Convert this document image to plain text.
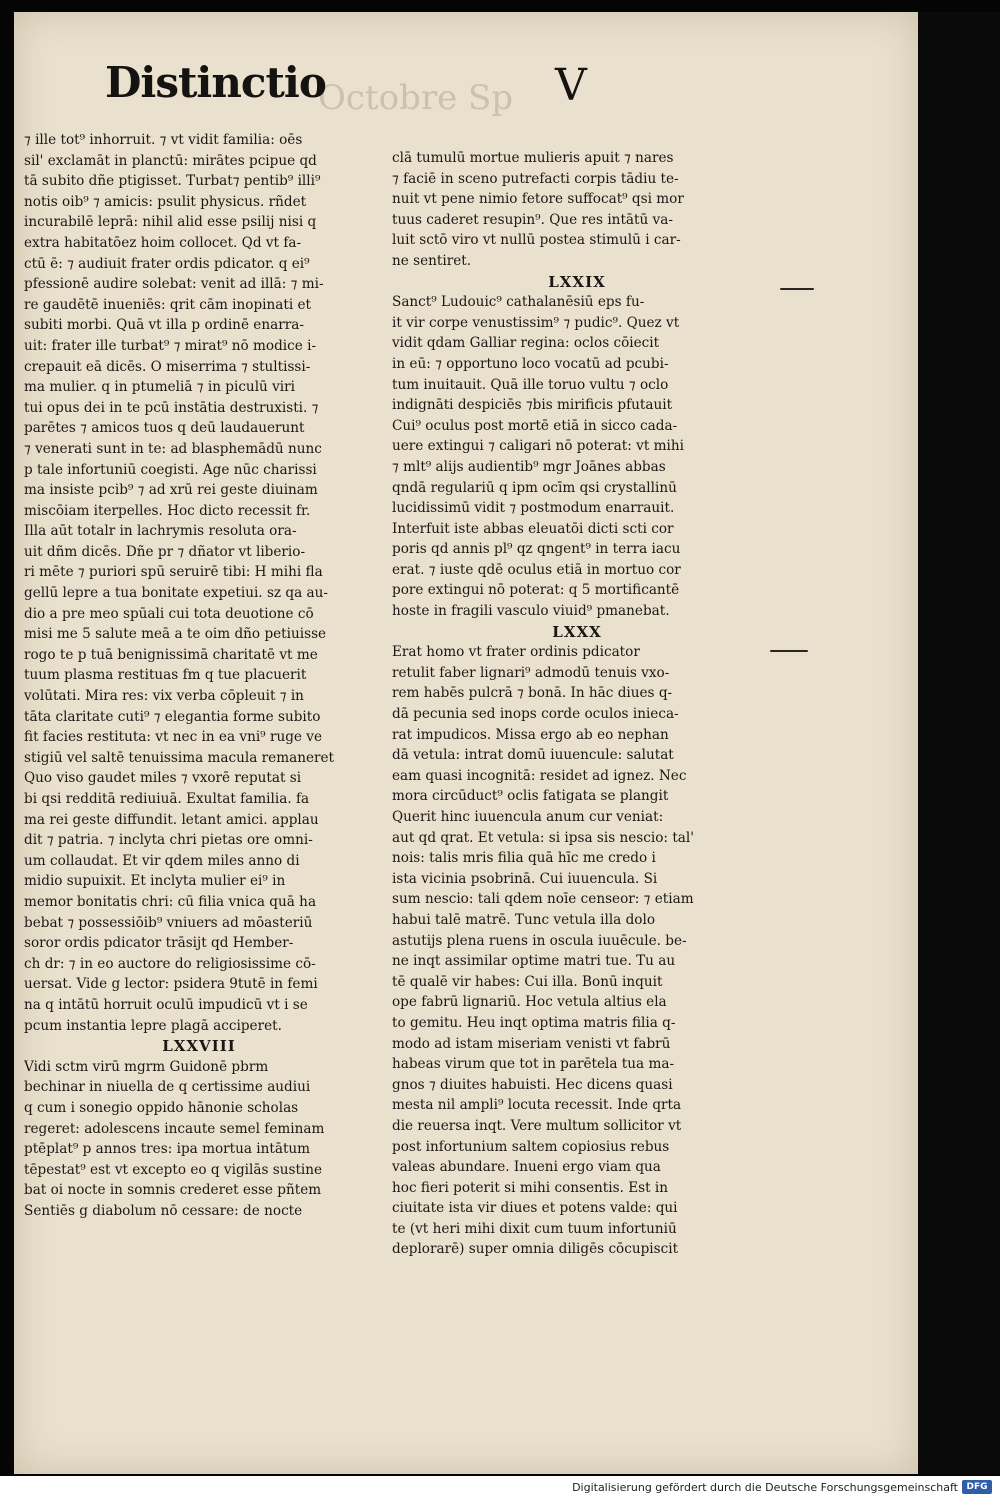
Octobre Sp
Distinctio	V
⁊ ille tot⁹ inhorruit. ⁊ vt vidit familia: oēs
sil' exclamāt in planctū: mirātes pcipue qd
tā subito dñe ptigisset. Turbat⁊ pentib⁹ illi⁹
notis oib⁹ ⁊ amicis: psulit physicus. rñdet
incurabilē leprā: nihil alid esse psilij nisi q
extra habitatōez hoim collocet. Qd vt fa-
ctū ē: ⁊ audiuit frater ordis pdicator. q ei⁹
pfessionē audire solebat: venit ad illā: ⁊ mi-
re gaudētē inueniēs: qrit cām inopinati et
subiti morbi. Quā vt illa p ordinē enarra-
uit: frater ille turbat⁹ ⁊ mirat⁹ nō modice i-
crepauit eā dicēs. O miserrima ⁊ stultissi-
ma mulier. q in ptumeliā ⁊ in piculū viri
tui opus dei in te pcū instātia destruxisti. ⁊
parētes ⁊ amicos tuos q deū laudauerunt
⁊ venerati sunt in te: ad blasphemādū nunc
p tale infortuniū coegisti. Age nūc charissi
ma insiste pcib⁹ ⁊ ad xrū rei geste diuinam
miscōiam iterpelles. Hoc dicto recessit fr.
Illa aūt totalr in lachrymis resoluta ora-
uit dñm dicēs. Dñe pr ⁊ dñator vt liberio-
ri mēte ⁊ puriori spū seruirē tibi: H mihi fla
gellū lepre a tua bonitate expetiui. sz qa au-
dio a pre meo spūali cui tota deuotione cō
misi me 5 salute meā a te oim dño petiuisse
rogo te p tuā benignissimā charitatē vt me
tuum plasma restituas fm q tue placuerit
volūtati. Mira res: vix verba cōpleuit ⁊ in
tāta claritate cuti⁹ ⁊ elegantia forme subito
fit facies restituta: vt nec in ea vni⁹ ruge ve
stigiū vel saltē tenuissima macula remaneret
Quo viso gaudet miles ⁊ vxorē reputat si
bi qsi redditā rediuiuā. Exultat familia. fa
ma rei geste diffundit. letant amici. applau
dit ⁊ patria. ⁊ inclyta chri pietas ore omni-
um collaudat. Et vir qdem miles anno di
midio supuixit. Et inclyta mulier ei⁹ in
memor bonitatis chri: cū filia vnica quā ha
bebat ⁊ possessiōib⁹ vniuers ad mōasteriū
soror ordis pdicator trāsijt qd Hember-
ch dr: ⁊ in eo auctore do religiosissime cō-
uersat. Vide g lector: psidera 9tutē in femi
na q intātū horruit oculū impudicū vt i se
pcum instantia lepre plagā acciperet.
LXXVIII
Vidi sctm virū mgrm Guidonē pbrm
bechinar in niuella de q certissime audiui
q cum i sonegio oppido hānonie scholas
regeret: adolescens incaute semel feminam
ptēplat⁹ p annos tres: ipa mortua intātum
tēpestat⁹ est vt excepto eo q vigilās sustine
bat oi nocte in somnis crederet esse pñtem
Sentiēs g diabolum nō cessare: de nocte
clā tumulū mortue mulieris apuit ⁊ nares
⁊ faciē in sceno putrefacti corpis tādiu te-
nuit vt pene nimio fetore suffocat⁹ qsi mor
tuus caderet resupin⁹. Que res intātū va-
luit sctō viro vt nullū postea stimulū i car-
ne sentiret.
LXXIX
Sanct⁹ Ludouic⁹ cathalanēsiū eps fu-
it vir corpe venustissim⁹ ⁊ pudic⁹. Quez vt
vidit qdam Galliar regina: oclos cōiecit
in eū: ⁊ opportuno loco vocatū ad pcubi-
tum inuitauit. Quā ille toruo vultu ⁊ oclo
indignāti despiciēs ⁊bis mirificis pfutauit
Cui⁹ oculus post mortē etiā in sicco cada-
uere extingui ⁊ caligari nō poterat: vt mihi
⁊ mlt⁹ alijs audientib⁹ mgr Joānes abbas
qndā regulariū q ipm ocīm qsi crystallinū
lucidissimū vidit ⁊ postmodum enarrauit.
Interfuit iste abbas eleuatōi dicti scti cor
poris qd annis pl⁹ qz qngent⁹ in terra iacu
erat. ⁊ iuste qdē oculus etiā in mortuo cor
pore extingui nō poterat: q 5 mortificantē
hoste in fragili vasculo viuid⁹ pmanebat.
LXXX
Erat homo vt frater ordinis pdicator
retulit faber lignari⁹ admodū tenuis vxo-
rem habēs pulcrā ⁊ bonā. In hāc diues q-
dā pecunia sed inops corde oculos inieca-
rat impudicos. Missa ergo ab eo nephan
dā vetula: intrat domū iuuencule: salutat
eam quasi incognitā: residet ad ignez. Nec
mora circūduct⁹ oclis fatigata se plangit
Querit hinc iuuencula anum cur veniat:
aut qd qrat. Et vetula: si ipsa sis nescio: tal'
nois: talis mris filia quā hīc me credo i
ista vicinia psobrinā. Cui iuuencula. Si
sum nescio: tali qdem noīe censeor: ⁊ etiam
habui talē matrē. Tunc vetula illa dolo
astutijs plena ruens in oscula iuuēcule. be-
ne inqt assimilar optime matri tue. Tu au
tē qualē vir habes: Cui illa. Bonū inquit
ope fabrū lignariū. Hoc vetula altius ela
to gemitu. Heu inqt optima matris filia q-
modo ad istam miseriam venisti vt fabrū
habeas virum que tot in parētela tua ma-
gnos ⁊ diuites habuisti. Hec dicens quasi
mesta nil ampli⁹ locuta recessit. Inde qrta
die reuersa inqt. Vere multum sollicitor vt
post infortunium saltem copiosius rebus
valeas abundare. Inueni ergo viam qua
hoc fieri poterit si mihi consentis. Est in
ciuitate ista vir diues et potens valde: qui
te (vt heri mihi dixit cum tuum infortuniū
deplorarē) super omnia diligēs cōcupiscit
Digitalisierung gefördert durch die Deutsche Forschungsgemeinschaft DFG
